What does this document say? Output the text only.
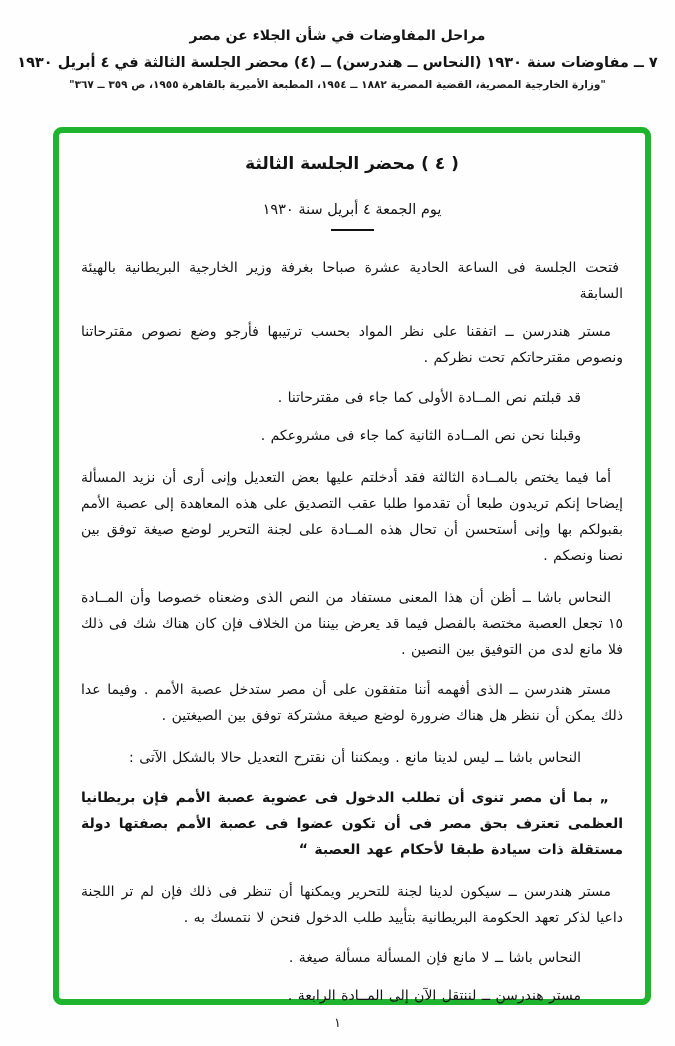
مراحل المفاوضات في شأن الجلاء عن مصر
٧ ــ مفاوضات سنة ١٩٣٠ (النحاس ــ هندرسن) ــ (٤) محضر الجلسة الثالثة في ٤ أبريل ١٩٣٠
"وزارة الخارجية المصرية، القضية المصرية ١٨٨٢ ــ ١٩٥٤، المطبعة الأميرية بالقاهرة ١٩٥٥، ص ٣٥٩ ــ ٣٦٧"
( ٤ ) محضر الجلسة الثالثة
يوم الجمعة ٤ أبريل سنة ١٩٣٠

فتحت الجلسة فى الساعة الحادية عشرة صباحا بغرفة وزير الخارجية البريطانية بالهيئة السابقة

مستر هندرسن ــ اتفقنا على نظر المواد بحسب ترتيبها فأرجو وضع نصوص مقترحاتنا ونصوص مقترحاتكم تحت نظركم .

قد قبلتم نص المــادة الأولى كما جاء فى مقترحاتنا .

وقبلنا نحن نص المــادة الثانية كما جاء فى مشروعكم .

أما فيما يختص بالمــادة الثالثة فقد أدخلتم عليها بعض التعديل وإنى أرى أن نزيد المسألة إيضاحا إنكم تريدون طبعا أن تقدموا طلبا عقب التصديق على هذه المعاهدة إلى عصبة الأمم بقبولكم بها وإنى أستحسن أن تحال هذه المــادة على لجنة التحرير لوضع صيغة توفق بين نصنا ونصكم .

النحاس باشا ــ أظن أن هذا المعنى مستفاد من النص الذى وضعناه خصوصا وأن المــادة ١٥ تجعل العصبة مختصة بالفصل فيما قد يعرض بيننا من الخلاف فإن كان هناك شك فى ذلك فلا مانع لدى من التوفيق بين النصين .

مستر هندرسن ــ الذى أفهمه أننا متفقون على أن مصر ستدخل عصبة الأمم . وفيما عدا ذلك يمكن أن ننظر هل هناك ضرورة لوضع صيغة مشتركة توفق بين الصيغتين .

النحاس باشا ــ ليس لدينا مانع . ويمكننا أن نقترح التعديل حالا بالشكل الآتى :

„ بما أن مصر تنوى أن تطلب الدخول فى عضوية عصبة الأمم فإن بريطانيا العظمى تعترف بحق مصر فى أن تكون عضوا فى عصبة الأمم بصفتها دولة مستقلة ذات سيادة طبقا لأحكام عهد العصبة “

مستر هندرسن ــ سيكون لدينا لجنة للتحرير ويمكنها أن تنظر فى ذلك فإن لم تر اللجنة داعيا لذكر تعهد الحكومة البريطانية بتأييد طلب الدخول فنحن لا نتمسك به .

النحاس باشا ــ لا مانع فإن المسألة مسألة صيغة .

مستر هندرسن ــ لننتقل الآن إلى المــادة الرابعة .

١
